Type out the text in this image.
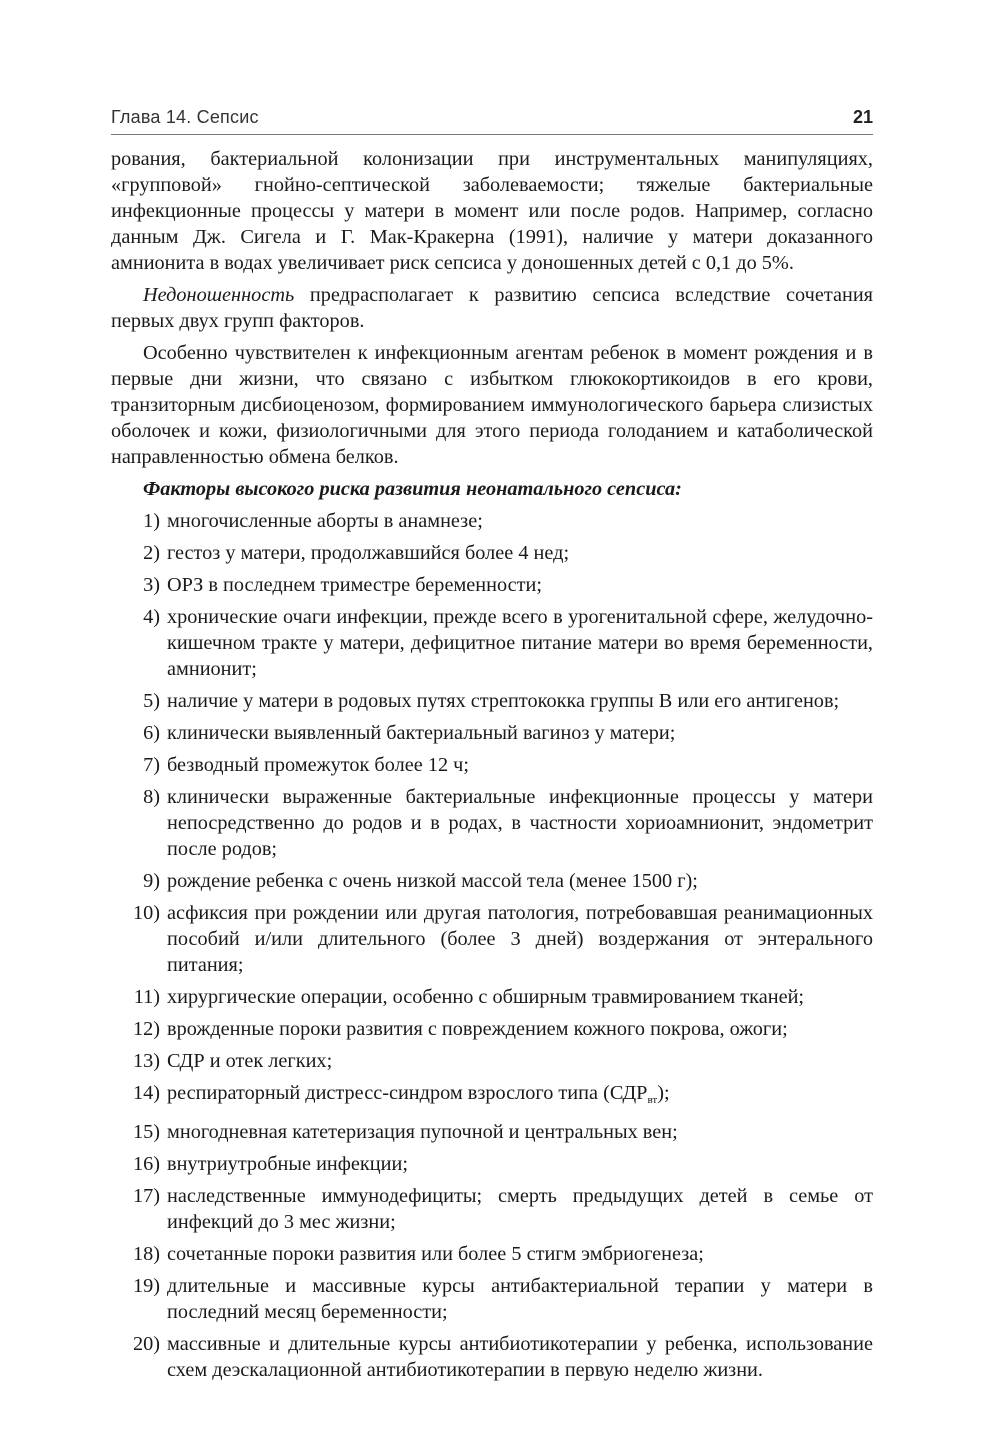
Глава 14. Сепсис	21

рования, бактериальной колонизации при инструментальных манипуляциях, «групповой» гнойно-септической заболеваемости; тяжелые бактериальные инфекционные процессы у матери в момент или после родов. Например, согласно данным Дж. Сигела и Г. Мак-Кракерна (1991), наличие у матери доказанного амнионита в водах увеличивает риск сепсиса у доношенных детей с 0,1 до 5%.

Недоношенность предрасполагает к развитию сепсиса вследствие сочетания первых двух групп факторов.

Особенно чувствителен к инфекционным агентам ребенок в момент рождения и в первые дни жизни, что связано с избытком глюкокортикоидов в его крови, транзиторным дисбиоценозом, формированием иммунологического барьера слизистых оболочек и кожи, физиологичными для этого периода голоданием и катаболической направленностью обмена белков.

Факторы высокого риска развития неонатального сепсиса:

1) многочисленные аборты в анамнезе;
2) гестоз у матери, продолжавшийся более 4 нед;
3) ОРЗ в последнем триместре беременности;
4) хронические очаги инфекции, прежде всего в урогенитальной сфере, желудочно-кишечном тракте у матери, дефицитное питание матери во время беременности, амнионит;
5) наличие у матери в родовых путях стрептококка группы В или его антигенов;
6) клинически выявленный бактериальный вагиноз у матери;
7) безводный промежуток более 12 ч;
8) клинически выраженные бактериальные инфекционные процессы у матери непосредственно до родов и в родах, в частности хориоамнионит, эндометрит после родов;
9) рождение ребенка с очень низкой массой тела (менее 1500 г);
10) асфиксия при рождении или другая патология, потребовавшая реанимационных пособий и/или длительного (более 3 дней) воздержания от энтерального питания;
11) хирургические операции, особенно с обширным травмированием тканей;
12) врожденные пороки развития с повреждением кожного покрова, ожоги;
13) СДР и отек легких;
14) респираторный дистресс-синдром взрослого типа $(СДР_{вт})$;
15) многодневная катетеризация пупочной и центральных вен;
16) внутриутробные инфекции;
17) наследственные иммунодефициты; смерть предыдущих детей в семье от инфекций до 3 мес жизни;
18) сочетанные пороки развития или более 5 стигм эмбриогенеза;
19) длительные и массивные курсы антибактериальной терапии у матери в последний месяц беременности;
20) массивные и длительные курсы антибиотикотерапии у ребенка, использование схем деэскалационной антибиотикотерапии в первую неделю жизни.
